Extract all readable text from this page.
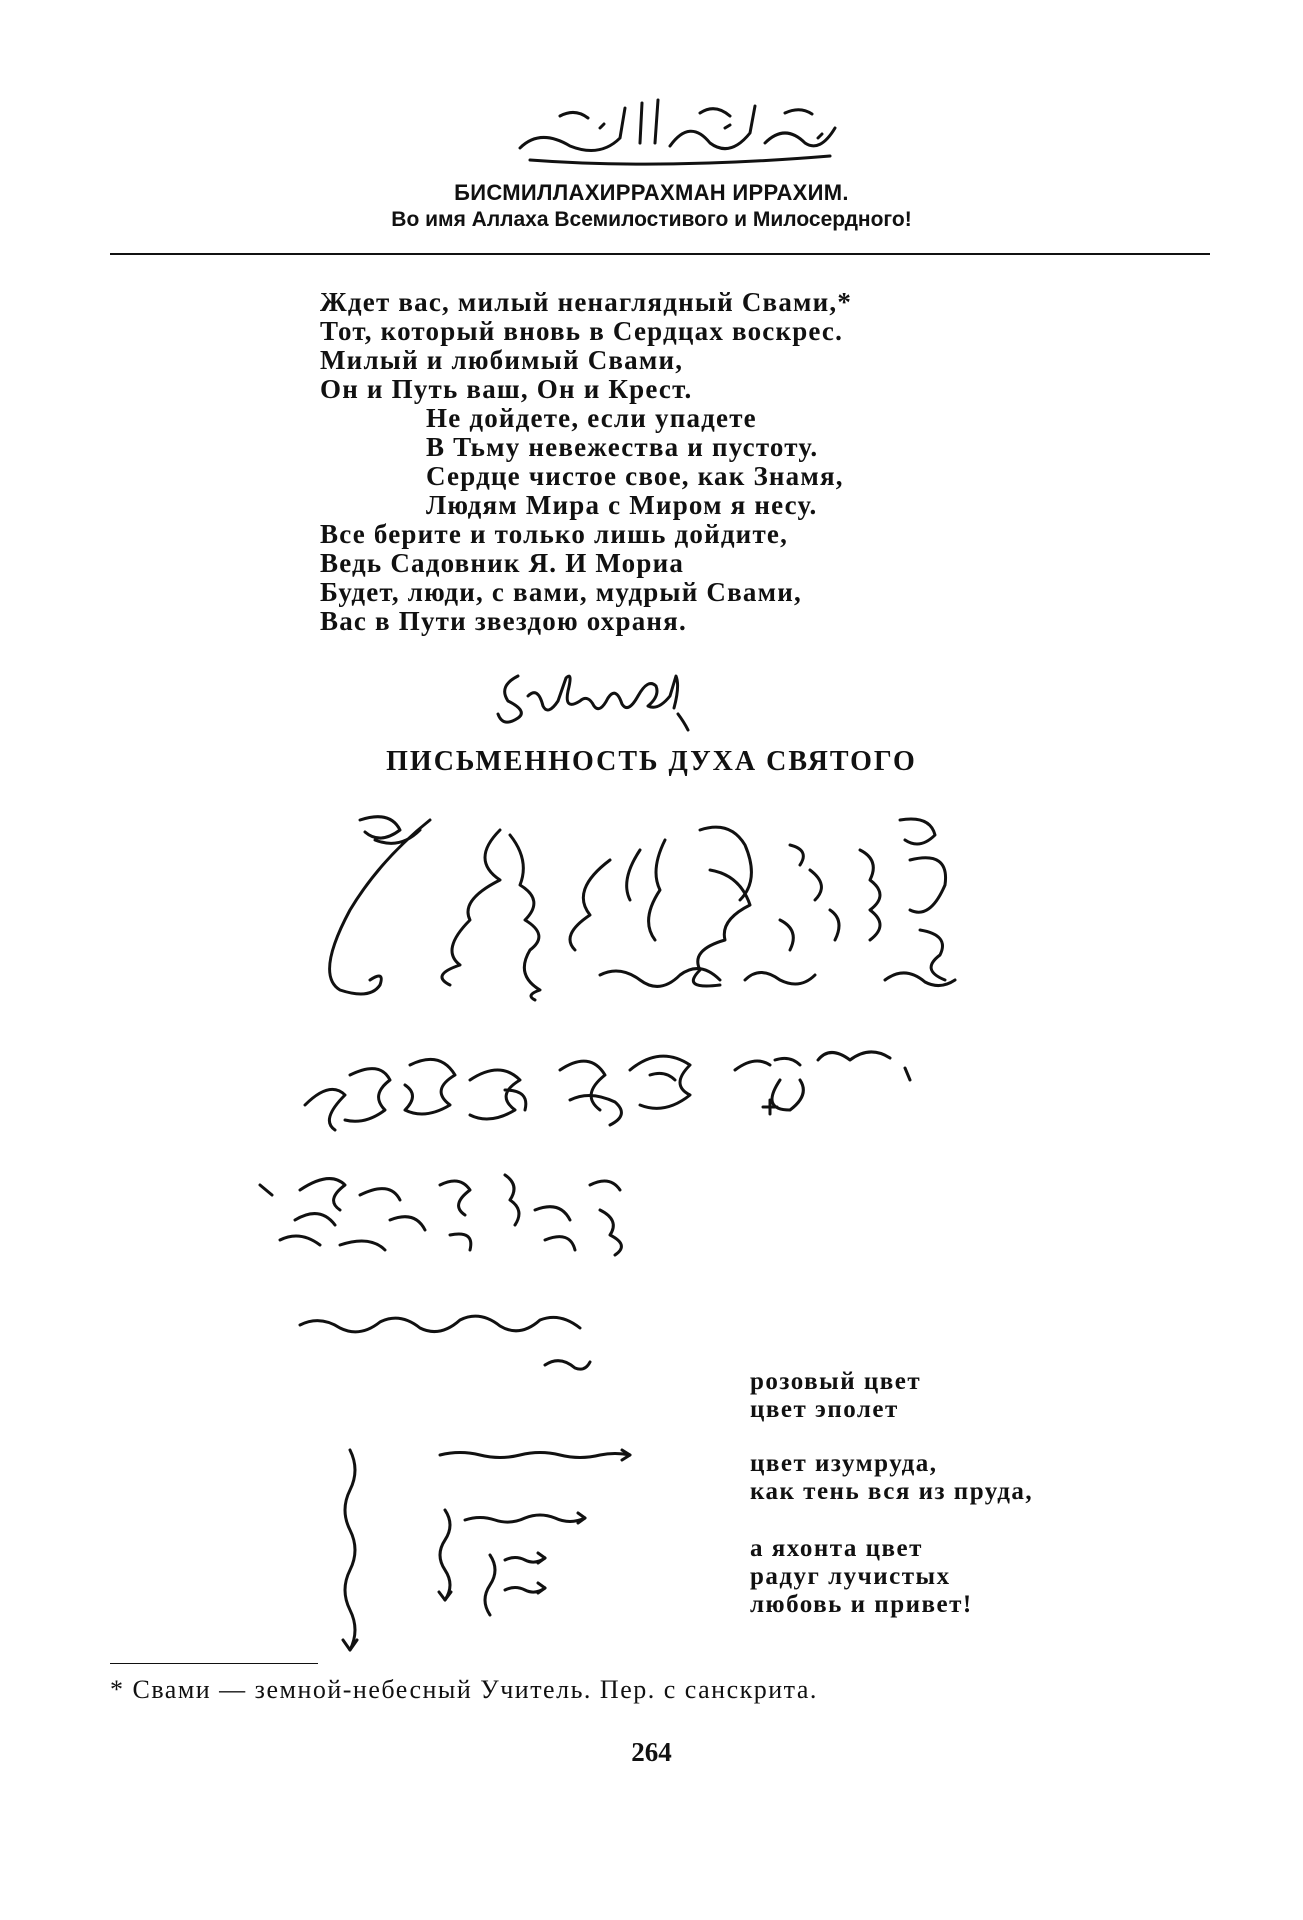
БИСМИЛЛАХИРРАХМАН ИРРАХИМ.
Во имя Аллаха Всемилостивого и Милосердного!
Ждет вас, милый ненаглядный Свами,*
Тот, который вновь в Сердцах воскрес.
Милый и любимый Свами,
Он и Путь ваш, Он и Крест.
Не дойдете, если упадете
В Тьму невежества и пустоту.
Сердце чистое свое, как Знамя,
Людям Мира с Миром я несу.
Все берите и только лишь дойдите,
Ведь Садовник Я. И Мориа
Будет, люди, с вами, мудрый Свами,
Вас в Пути звездою охраня.
ПИСЬМЕННОСТЬ ДУХА СВЯТОГО
розовый цвет
цвет эполет
цвет изумруда,
как тень вся из пруда,
а яхонта цвет
радуг лучистых
любовь и привет!
* Свами — земной-небесный Учитель. Пер. с санскрита.
264
